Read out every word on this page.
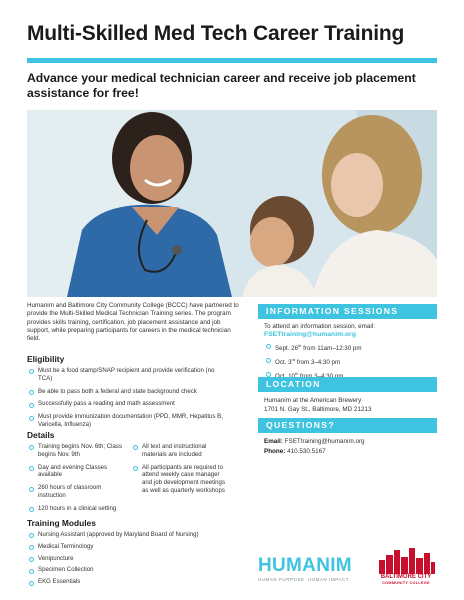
Multi-Skilled Med Tech Career Training
Advance your medical technician career and receive job placement assistance for free!
Humanim and Baltimore City Community College (BCCC) have partnered to provide the Multi-Skilled Medical Technician Training series. The program provides skills training, certification, job placement assistance and job support, while preparing participants for careers in the medical technician field.
Eligibility
Must be a food stamp/SNAP recipient and provide verification (no TCA)
Be able to pass both a federal and state background check
Successfully pass a reading and math assessment
Must provide immunization documentation (PPD, MMR, Hepatitus B, Varicella, Influenza)
Details
Training begins Nov. 6th; Class begins Nov. 9th
Day and evening Classes available
260 hours of classroom instruction
120 hours in a clinical setting
All text and instructional materials are included
All participants are required to attend weekly case manager and job development meetings as well as quarterly workshops
Training Modules
Nursing Assistant (approved by Maryland Board of Nursing)
Medical Terminology
Venipuncture
Specimen Collection
EKG Essentials
INFORMATION SESSIONS
To attend an information session, email:
FSETtraining@humanim.org
Sept. 26th from 11am–12:30 pm
Oct. 3rd from 3–4:30 pm
$^{th}$
LOCATION
Humanim at the American Brewery
1701 N. Gay St., Baltimore, MD 21213
QUESTIONS?
Email: FSETtraining@humanim.org
Phone: 410.530.5167
HUMANIM
HUMAN PURPOSE. HUMAN IMPACT.	BALTIMORE CITY
COMMUNITY COLLEGE
